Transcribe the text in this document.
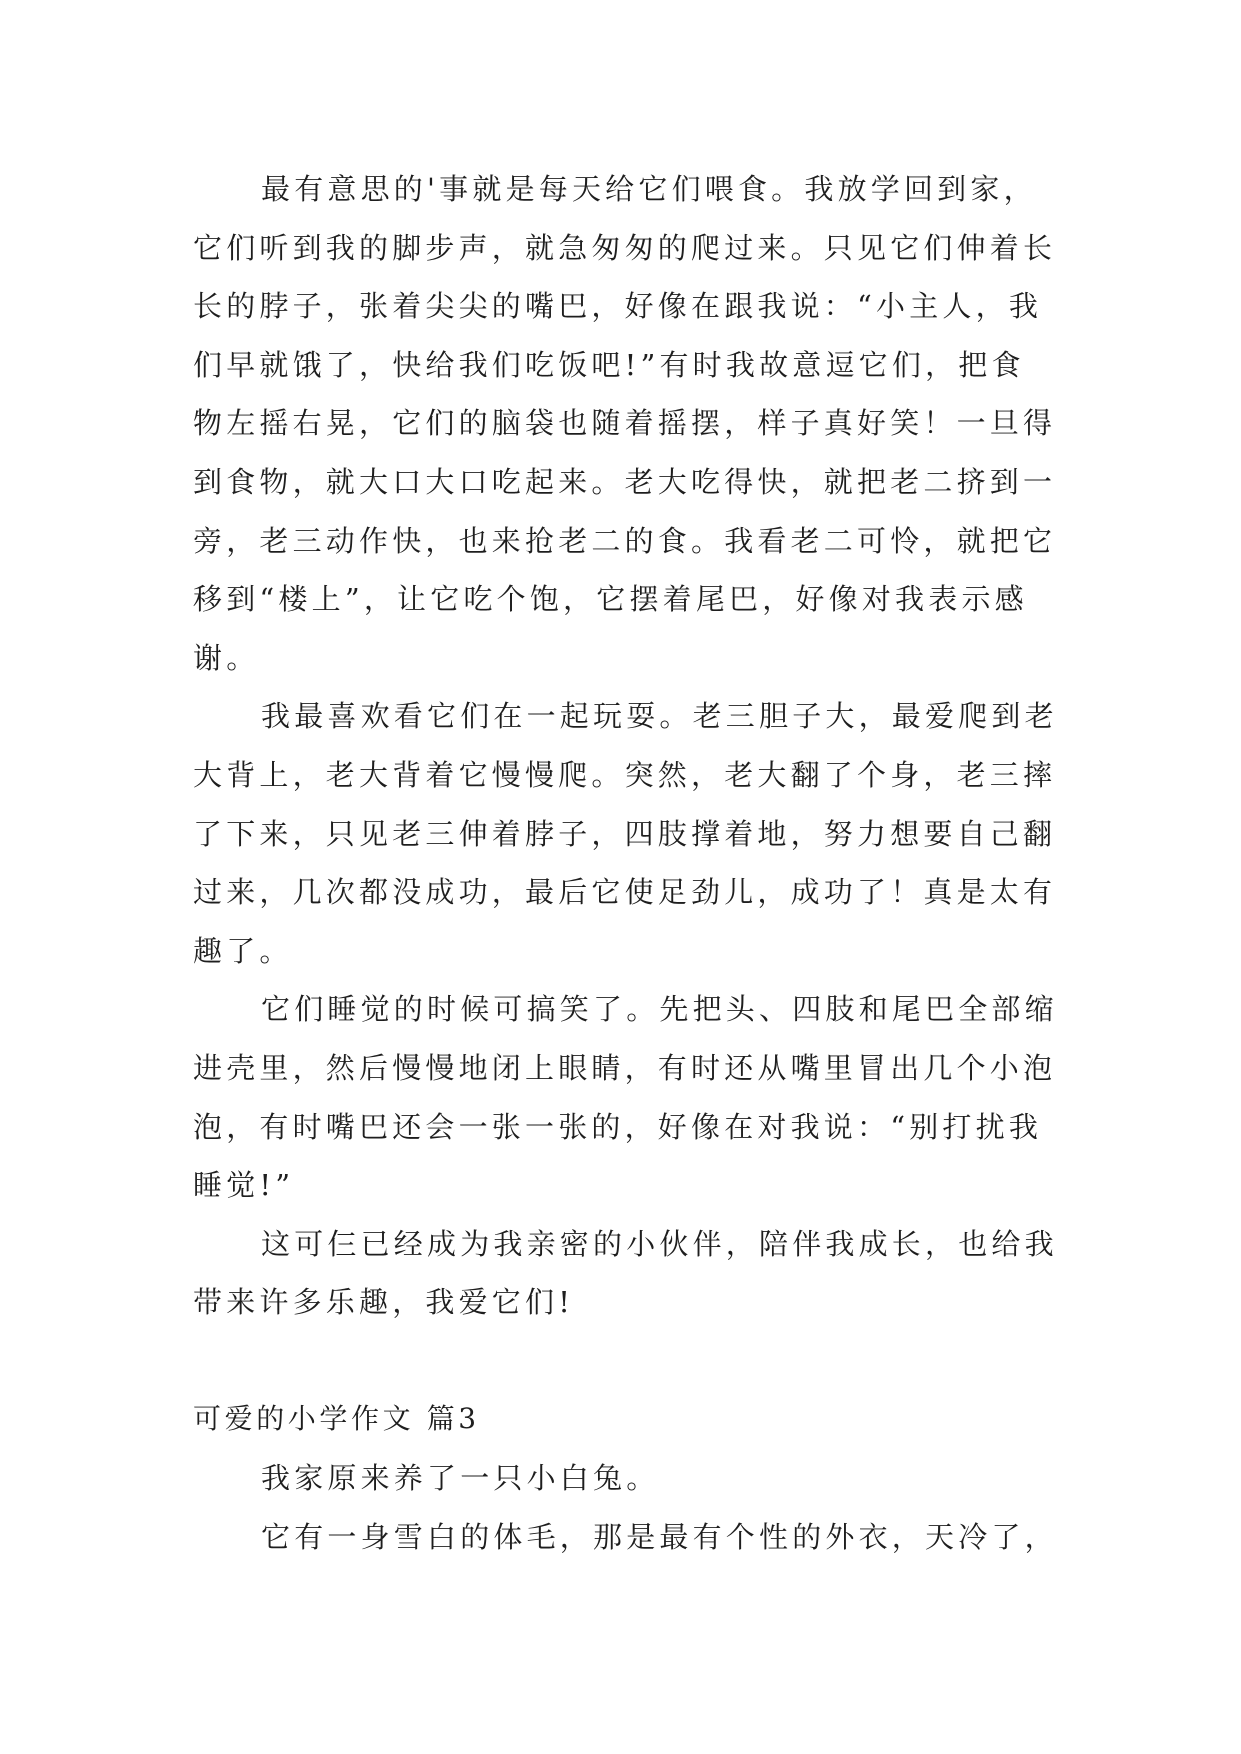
最有意思的'事就是每天给它们喂食。我放学回到家，
它们听到我的脚步声，就急匆匆的爬过来。只见它们伸着长
长的脖子，张着尖尖的嘴巴，好像在跟我说：“小主人，我
们早就饿了，快给我们吃饭吧!”有时我故意逗它们，把食
物左摇右晃，它们的脑袋也随着摇摆，样子真好笑！一旦得
到食物，就大口大口吃起来。老大吃得快，就把老二挤到一
旁，老三动作快，也来抢老二的食。我看老二可怜，就把它
移到“楼上”，让它吃个饱，它摆着尾巴，好像对我表示感
谢。
我最喜欢看它们在一起玩耍。老三胆子大，最爱爬到老
大背上，老大背着它慢慢爬。突然，老大翻了个身，老三摔
了下来，只见老三伸着脖子，四肢撑着地，努力想要自己翻
过来，几次都没成功，最后它使足劲儿，成功了！真是太有
趣了。
它们睡觉的时候可搞笑了。先把头、四肢和尾巴全部缩
进壳里，然后慢慢地闭上眼睛，有时还从嘴里冒出几个小泡
泡，有时嘴巴还会一张一张的，好像在对我说：“别打扰我
睡觉!”
这可仨已经成为我亲密的小伙伴，陪伴我成长，也给我
带来许多乐趣，我爱它们!
可爱的小学作文 篇3
我家原来养了一只小白兔。
它有一身雪白的体毛，那是最有个性的外衣，天冷了，
